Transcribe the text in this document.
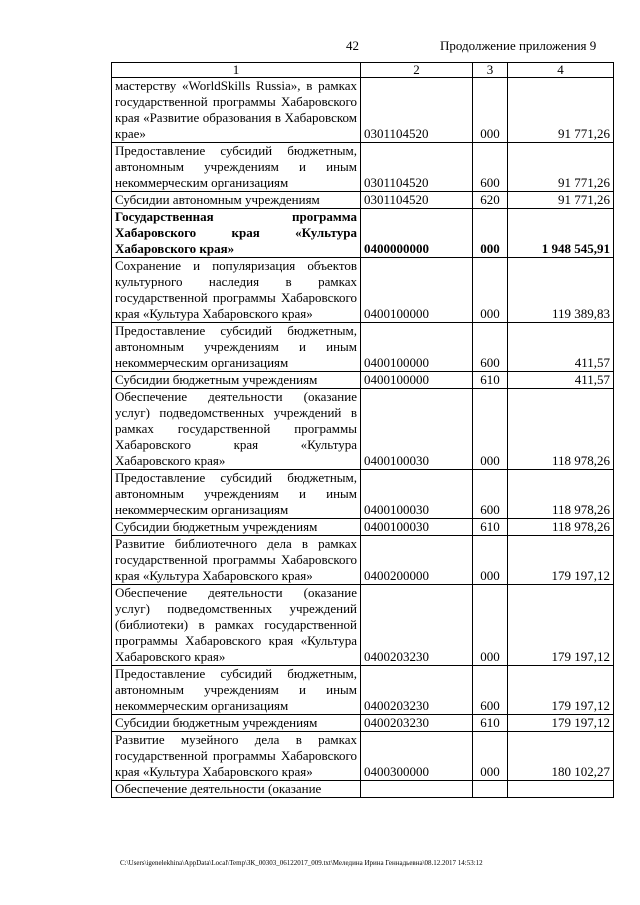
42	Продолжение приложения 9
1	2	3	4
мастерству «WorldSkills Russia», в рамках государственной программы Хабаровского края «Развитие образования в Хабаровском крае»	0301104520	000	91 771,26
Предоставление субсидий бюджетным, автономным учреждениям и иным некоммерческим организациям	0301104520	600	91 771,26
Субсидии автономным учреждениям	0301104520	620	91 771,26
Государственная программа Хабаровского края «Культура Хабаровского края»	0400000000	000	1 948 545,91
Сохранение и популяризация объектов культурного наследия в рамках государственной программы Хабаровского края «Культура Хабаровского края»	0400100000	000	119 389,83
Предоставление субсидий бюджетным, автономным учреждениям и иным некоммерческим организациям	0400100000	600	411,57
Субсидии бюджетным учреждениям	0400100000	610	411,57
Обеспечение деятельности (оказание услуг) подведомственных учреждений в рамках государственной программы Хабаровского края «Культура Хабаровского края»	0400100030	000	118 978,26
Предоставление субсидий бюджетным, автономным учреждениям и иным некоммерческим организациям	0400100030	600	118 978,26
Субсидии бюджетным учреждениям	0400100030	610	118 978,26
Развитие библиотечного дела в рамках государственной программы Хабаровского края «Культура Хабаровского края»	0400200000	000	179 197,12
Обеспечение деятельности (оказание услуг) подведомственных учреждений (библиотеки) в рамках государственной программы Хабаровского края «Культура Хабаровского края»	0400203230	000	179 197,12
Предоставление субсидий бюджетным, автономным учреждениям и иным некоммерческим организациям	0400203230	600	179 197,12
Субсидии бюджетным учреждениям	0400203230	610	179 197,12
Развитие музейного дела в рамках государственной программы Хабаровского края «Культура Хабаровского края»	0400300000	000	180 102,27
Обеспечение деятельности (оказание			
C:\Users\igenelekhina\AppData\Local\Temp\ЗК_00303_06122017_009.txt\Меледина Ирина Геннадьевна\08.12.2017 14:53:12
